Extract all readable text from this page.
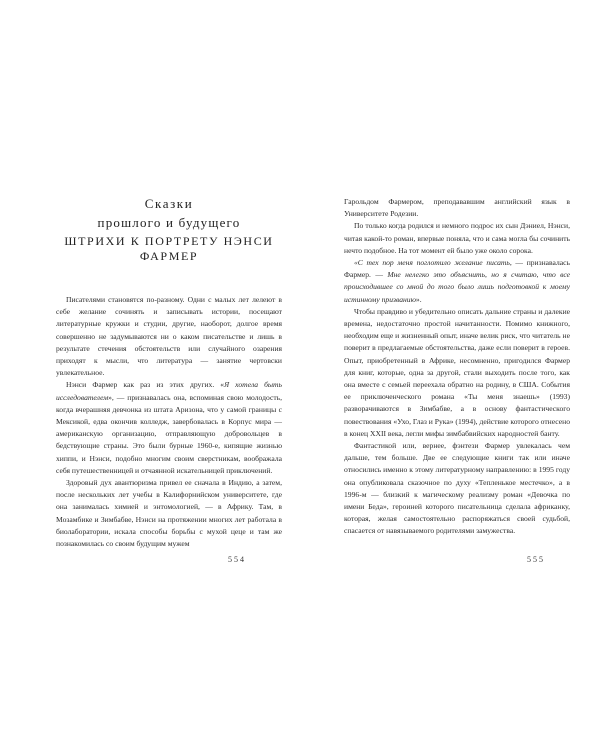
Сказки
прошлого и будущего
ШТРИХИ К ПОРТРЕТУ НЭНСИ ФАРМЕР

Писателями становятся по-разному. Одни с малых лет лелеют в себе желание сочинять и записывать истории, посещают литературные кружки и студии, другие, наоборот, долгое время совершенно не задумываются ни о каком писательстве и лишь в результате стечения обстоятельств или случайного озарения приходят к мысли, что литература — занятие чертовски увлекательное.

Нэнси Фармер как раз из этих других. «Я хотела быть исследователем», — признавалась она, вспоминая свою молодость, когда вчерашняя девчонка из штата Аризона, что у самой границы с Мексикой, едва окончив колледж, завербовалась в Корпус мира — американскую организацию, отправляющую добровольцев в бедствующие страны. Это были бурные 1960-е, кипящие жизнью хиппи, и Нэнси, подобно многим своим сверстникам, воображала себя путешественницей и отчаянной искательницей приключений.

Здоровый дух авантюризма привел ее сначала в Индию, а затем, после нескольких лет учебы в Калифорнийском университете, где она занималась химией и энтомологией, — в Африку. Там, в Мозамбике и Зимбабве, Нэнси на протяжении многих лет работала в биолаборатории, искала способы борьбы с мухой цеце и там же познакомилась со своим будущим мужем

554

Гарольдом Фармером, преподававшим английский язык в Университете Родезии.

По только когда родился и немного подрос их сын Дэниел, Нэнси, читая какой-то роман, впервые поняла, что и сама могла бы сочинить нечто подобное. На тот момент ей было уже около сорока.

«С тех пор меня поглотило желание писать, — признавалась Фармер. — Мне нелегко это объяснить, но я считаю, что все происходившее со мной до того было лишь подготовкой к моему истинному призванию».

Чтобы правдиво и убедительно описать дальние страны и далекие времена, недостаточно простой начитанности. Помимо книжного, необходим еще и жизненный опыт, иначе велик риск, что читатель не поверит в предлагаемые обстоятельства, даже если поверит в героев. Опыт, приобретенный в Африке, несомненно, пригодился Фармер для книг, которые, одна за другой, стали выходить после того, как она вместе с семьей переехала обратно на родину, в США. События ее приключенческого романа «Ты меня знаешь» (1993) разворачиваются в Зимбабве, а в основу фантастического повествования «Ухо, Глаз и Рука» (1994), действие которого отнесено в конец XXII века, легли мифы зимбабвийских народностей банту.

Фантастикой или, вернее, фэнтези Фармер увлекалась чем дальше, тем больше. Две ее следующие книги так или иначе относились именно к этому литературному направлению: в 1995 году она опубликовала сказочное по духу «Тепленькое местечко», а в 1996-м — близкий к магическому реализму роман «Девочка по имени Беда», героиней которого писательница сделала африканку, которая, желая самостоятельно распоряжаться своей судьбой, спасается от навязываемого родителями замужества.

555
